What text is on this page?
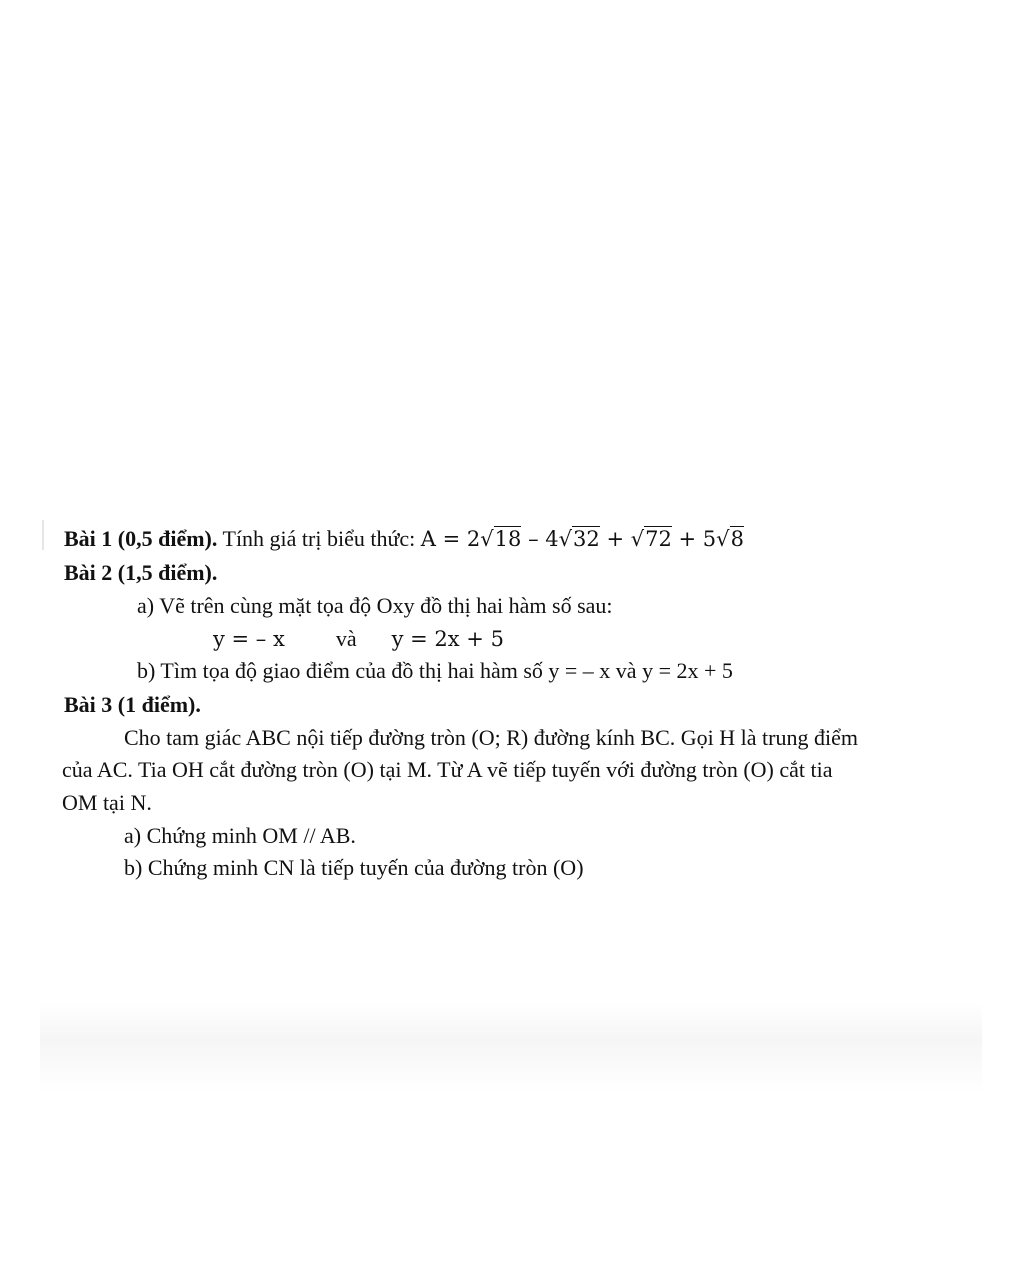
Bài 1 (0,5 điểm). Tính giá trị biểu thức: A = 2√18 – 4√32 + √72 + 5√8
Bài 2 (1,5 điểm).
a) Vẽ trên cùng mặt tọa độ Oxy đồ thị hai hàm số sau:
y = – x và y = 2x + 5
b) Tìm tọa độ giao điểm của đồ thị hai hàm số y = – x và y = 2x + 5
Bài 3 (1 điểm).
Cho tam giác ABC nội tiếp đường tròn (O; R) đường kính BC. Gọi H là trung điểm
của AC. Tia OH cắt đường tròn (O) tại M. Từ A vẽ tiếp tuyến với đường tròn (O) cắt tia
OM tại N.
a) Chứng minh OM // AB.
b) Chứng minh CN là tiếp tuyến của đường tròn (O)
